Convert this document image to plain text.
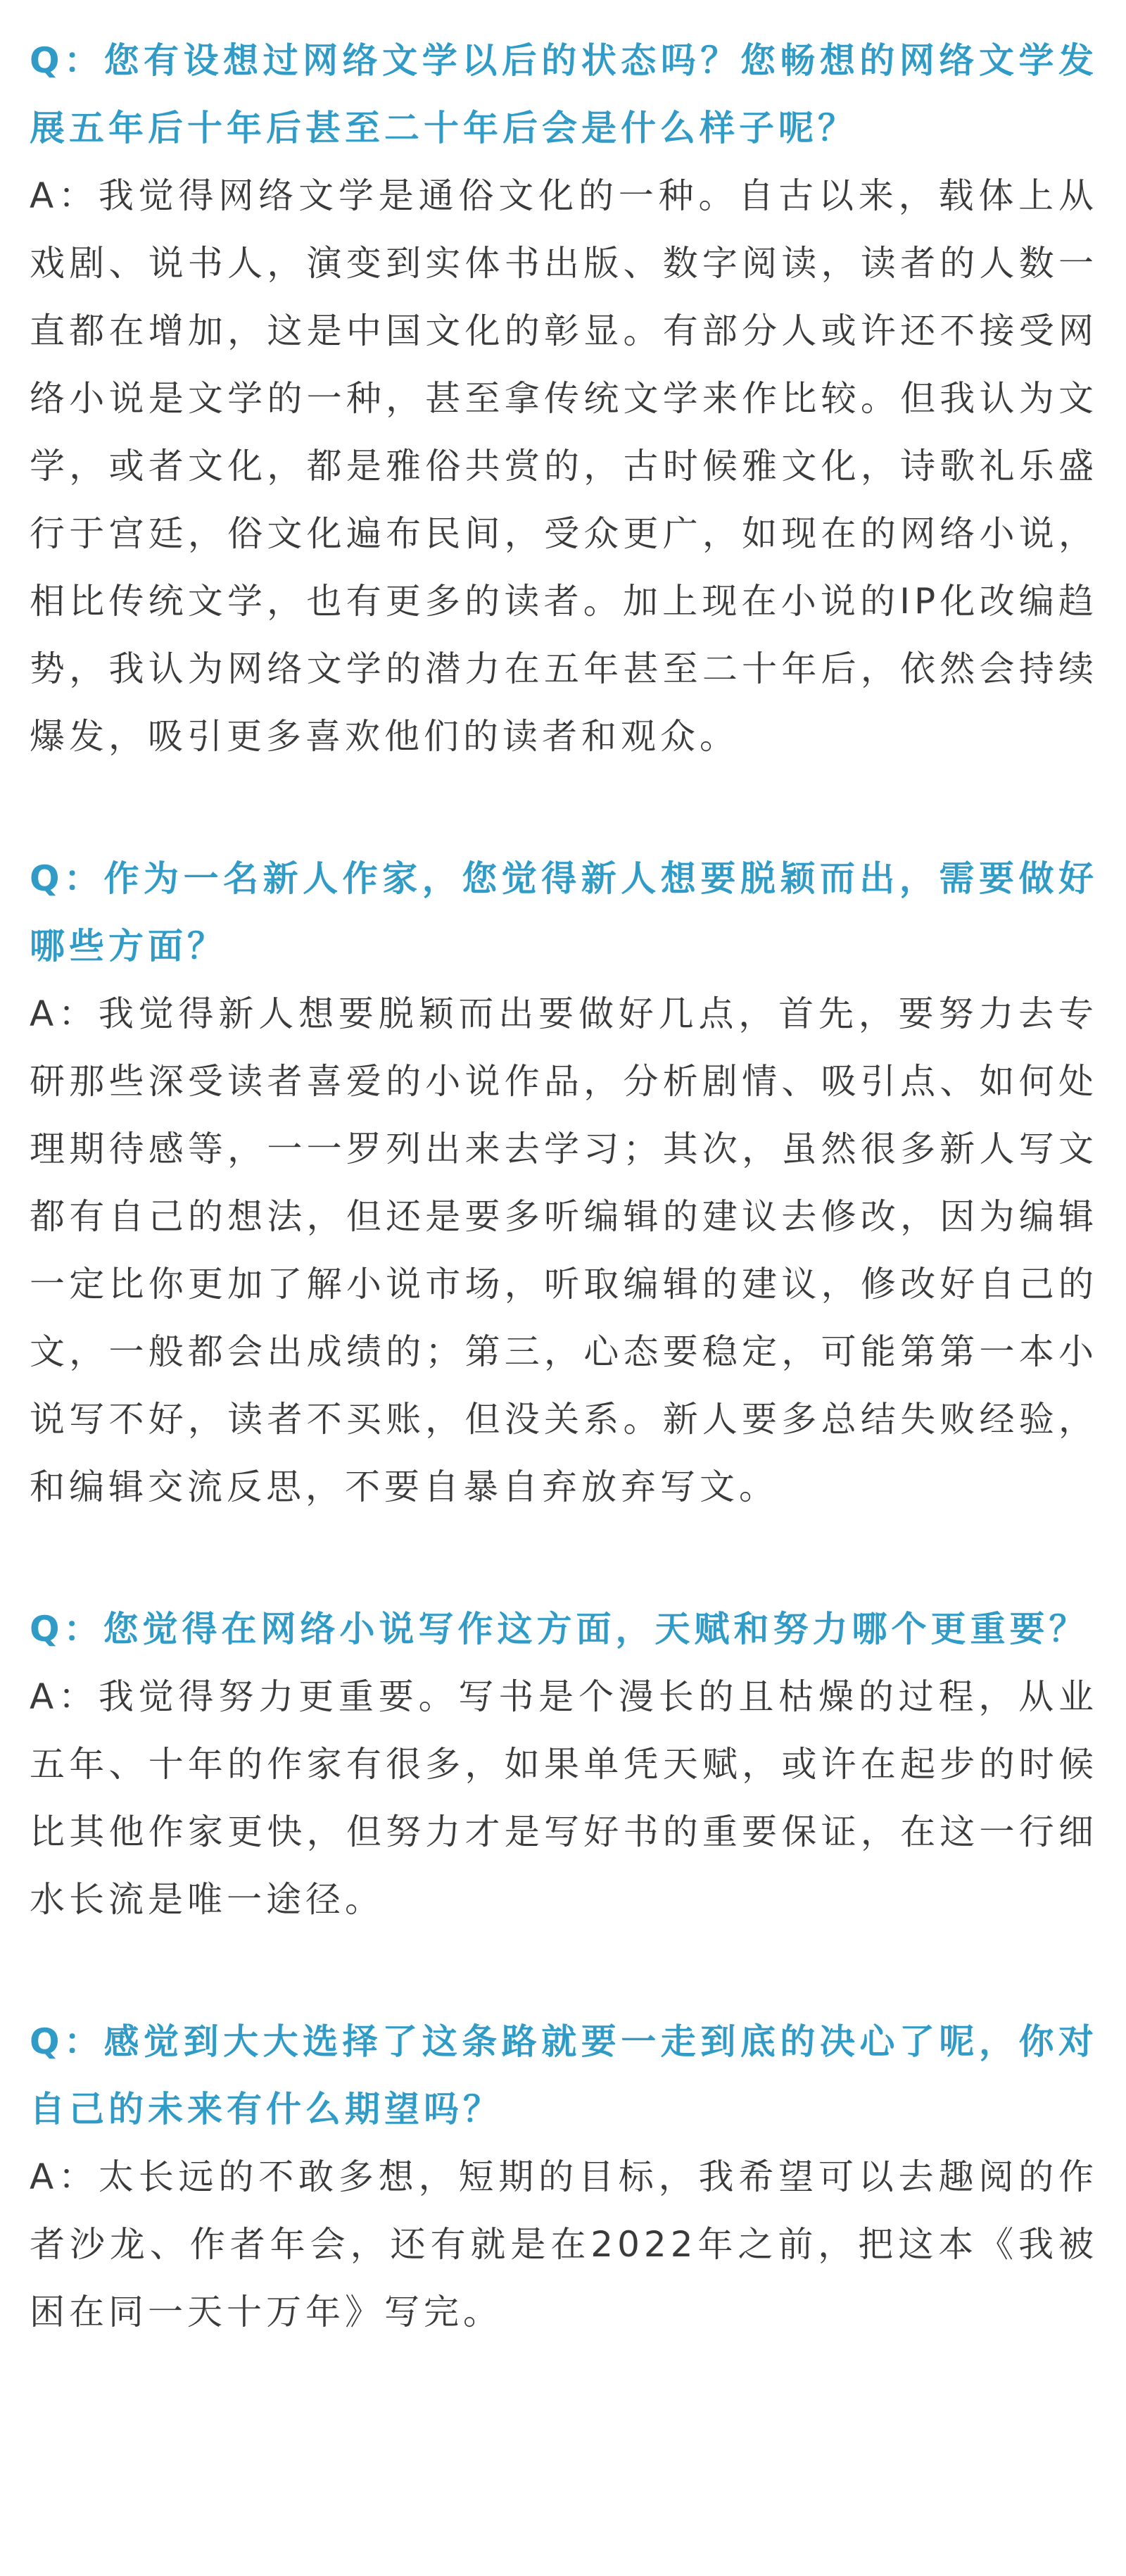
Q：您有设想过网络文学以后的状态吗？您畅想的网络文学发展五年后十年后甚至二十年后会是什么样子呢？

A：我觉得网络文学是通俗文化的一种。自古以来，载体上从戏剧、说书人，演变到实体书出版、数字阅读，读者的人数一直都在增加，这是中国文化的彰显。有部分人或许还不接受网络小说是文学的一种，甚至拿传统文学来作比较。但我认为文学，或者文化，都是雅俗共赏的，古时候雅文化，诗歌礼乐盛行于宫廷，俗文化遍布民间，受众更广，如现在的网络小说，相比传统文学，也有更多的读者。加上现在小说的IP化改编趋势，我认为网络文学的潜力在五年甚至二十年后，依然会持续爆发，吸引更多喜欢他们的读者和观众。

Q：作为一名新人作家，您觉得新人想要脱颖而出，需要做好哪些方面？

A：我觉得新人想要脱颖而出要做好几点，首先，要努力去专研那些深受读者喜爱的小说作品，分析剧情、吸引点、如何处理期待感等，一一罗列出来去学习；其次，虽然很多新人写文都有自己的想法，但还是要多听编辑的建议去修改，因为编辑一定比你更加了解小说市场，听取编辑的建议，修改好自己的文，一般都会出成绩的；第三，心态要稳定，可能第第一本小说写不好，读者不买账，但没关系。新人要多总结失败经验，和编辑交流反思，不要自暴自弃放弃写文。

Q：您觉得在网络小说写作这方面，天赋和努力哪个更重要？

A：我觉得努力更重要。写书是个漫长的且枯燥的过程，从业五年、十年的作家有很多，如果单凭天赋，或许在起步的时候比其他作家更快，但努力才是写好书的重要保证，在这一行细水长流是唯一途径。

Q：感觉到大大选择了这条路就要一走到底的决心了呢，你对自己的未来有什么期望吗？

A：太长远的不敢多想，短期的目标，我希望可以去趣阅的作者沙龙、作者年会，还有就是在2022年之前，把这本《我被困在同一天十万年》写完。
